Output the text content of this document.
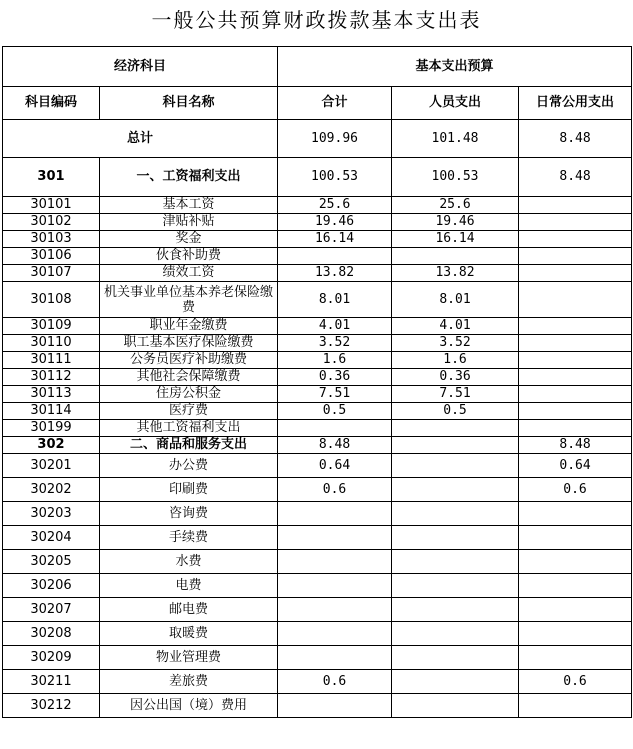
一般公共预算财政拨款基本支出表
经济科目		基本支出预算		
科目编码	科目名称	合计	人员支出	日常公用支出
总计		109.96	101.48	8.48
301	一、工资福利支出	100.53	100.53	8.48
30101	基本工资	25.6	25.6	
30102	津贴补贴	19.46	19.46	
30103	奖金	16.14	16.14	
30106	伙食补助费			
30107	绩效工资	13.82	13.82	
30108	机关事业单位基本养老保险缴费	8.01	8.01	
30109	职业年金缴费	4.01	4.01	
30110	职工基本医疗保险缴费	3.52	3.52	
30111	公务员医疗补助缴费	1.6	1.6	
30112	其他社会保障缴费	0.36	0.36	
30113	住房公积金	7.51	7.51	
30114	医疗费	0.5	0.5	
30199	其他工资福利支出			
302	二、商品和服务支出	8.48		8.48
30201	办公费	0.64		0.64
30202	印刷费	0.6		0.6
30203	咨询费			
30204	手续费			
30205	水费			
30206	电费			
30207	邮电费			
30208	取暖费			
30209	物业管理费			
30211	差旅费	0.6		0.6
30212	因公出国（境）费用			
